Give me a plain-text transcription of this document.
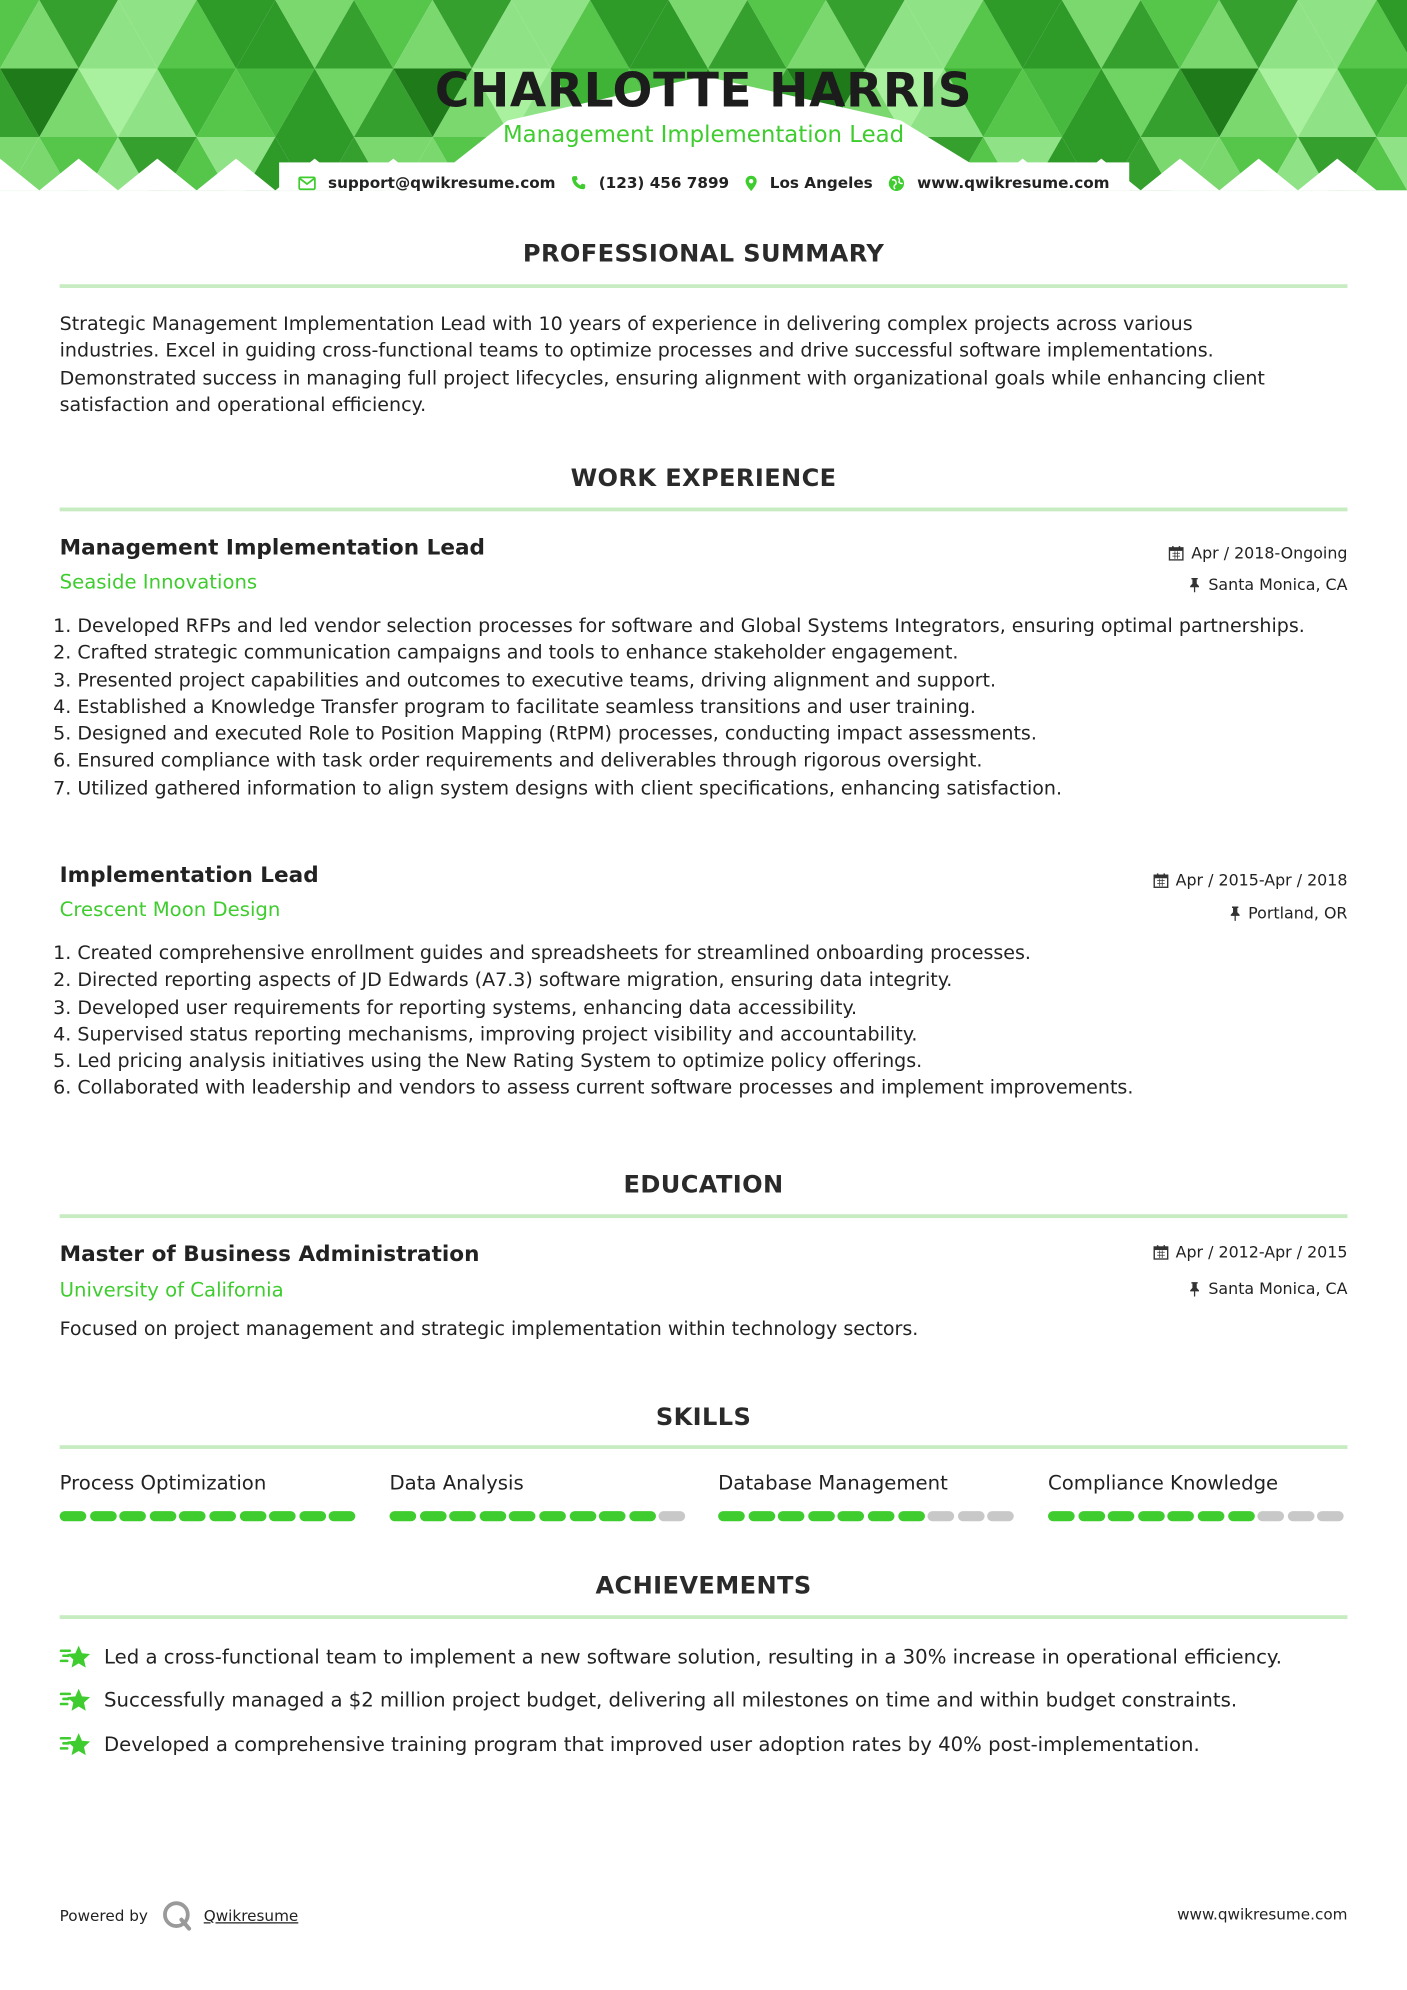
CHARLOTTE HARRIS
Management Implementation Lead
support@qwikresume.com	(123) 456 7899	Los Angeles	www.qwikresume.com
PROFESSIONAL SUMMARY
Strategic Management Implementation Lead with 10 years of experience in delivering complex projects across various
industries. Excel in guiding cross-functional teams to optimize processes and drive successful software implementations.
Demonstrated success in managing full project lifecycles, ensuring alignment with organizational goals while enhancing client
satisfaction and operational efficiency.
WORK EXPERIENCE
Management Implementation Lead	Apr / 2018-Ongoing
Seaside Innovations	Santa Monica, CA
1. Developed RFPs and led vendor selection processes for software and Global Systems Integrators, ensuring optimal partnerships.
2. Crafted strategic communication campaigns and tools to enhance stakeholder engagement.
3. Presented project capabilities and outcomes to executive teams, driving alignment and support.
4. Established a Knowledge Transfer program to facilitate seamless transitions and user training.
5. Designed and executed Role to Position Mapping (RtPM) processes, conducting impact assessments.
6. Ensured compliance with task order requirements and deliverables through rigorous oversight.
7. Utilized gathered information to align system designs with client specifications, enhancing satisfaction.
Implementation Lead	Apr / 2015-Apr / 2018
Crescent Moon Design	Portland, OR
1. Created comprehensive enrollment guides and spreadsheets for streamlined onboarding processes.
2. Directed reporting aspects of JD Edwards (A7.3) software migration, ensuring data integrity.
3. Developed user requirements for reporting systems, enhancing data accessibility.
4. Supervised status reporting mechanisms, improving project visibility and accountability.
5. Led pricing analysis initiatives using the New Rating System to optimize policy offerings.
6. Collaborated with leadership and vendors to assess current software processes and implement improvements.
EDUCATION
Master of Business Administration	Apr / 2012-Apr / 2015
University of California	Santa Monica, CA
Focused on project management and strategic implementation within technology sectors.
SKILLS
Process Optimization	Data Analysis	Database Management	Compliance Knowledge
ACHIEVEMENTS
Led a cross-functional team to implement a new software solution, resulting in a 30% increase in operational efficiency.
Successfully managed a $2 million project budget, delivering all milestones on time and within budget constraints.
Developed a comprehensive training program that improved user adoption rates by 40% post-implementation.
Powered by	Qwikresume	www.qwikresume.com
